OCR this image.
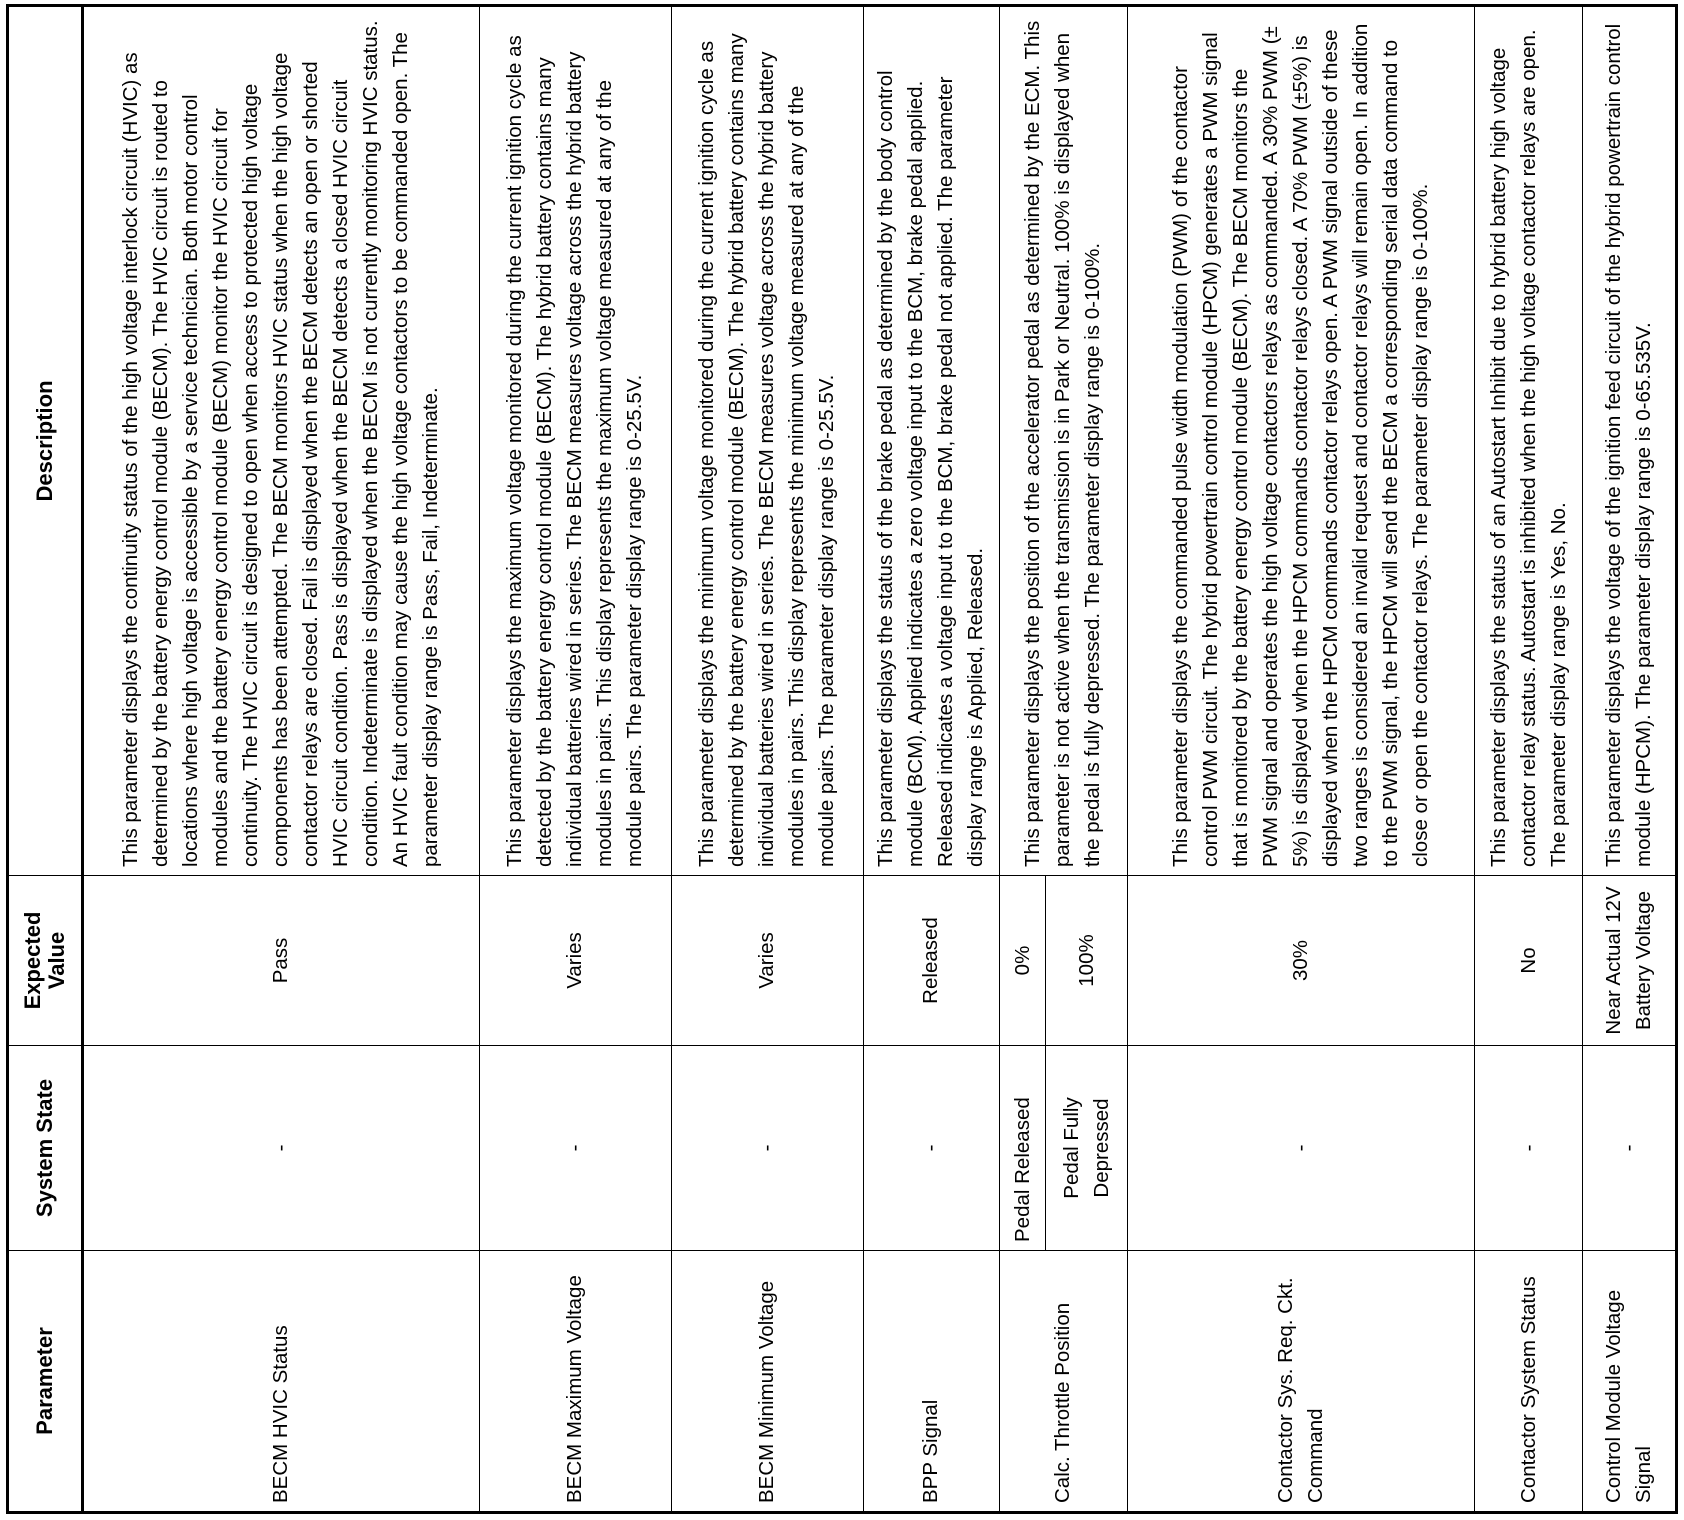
Parameter	System State	Expected Value	Description
BECM HVIC Status	-	Pass	This parameter displays the continuity status of the high voltage interlock circuit (HVIC) as determined by the battery energy control module (BECM). The HVIC circuit is routed to locations where high voltage is accessible by a service technician. Both motor control modules and the battery energy control module (BECM) monitor the HVIC circuit for continuity. The HVIC circuit is designed to open when access to protected high voltage components has been attempted. The BECM monitors HVIC status when the high voltage contactor relays are closed. Fail is displayed when the BECM detects an open or shorted HVIC circuit condition. Pass is displayed when the BECM detects a closed HVIC circuit condition. Indeterminate is displayed when the BECM is not currently monitoring HVIC status. An HVIC fault condition may cause the high voltage contactors to be commanded open. The parameter display range is Pass, Fail, Indeterminate.
BECM Maximum Voltage	-	Varies	This parameter displays the maximum voltage monitored during the current ignition cycle as detected by the battery energy control module (BECM). The hybrid battery contains many individual batteries wired in series. The BECM measures voltage across the hybrid battery modules in pairs. This display represents the maximum voltage measured at any of the module pairs. The parameter display range is 0-25.5V.
BECM Minimum Voltage	-	Varies	This parameter displays the minimum voltage monitored during the current ignition cycle as determined by the battery energy control module (BECM). The hybrid battery contains many individual batteries wired in series. The BECM measures voltage across the hybrid battery modules in pairs. This display represents the minimum voltage measured at any of the module pairs. The parameter display range is 0-25.5V.
BPP Signal	-	Released	This parameter displays the status of the brake pedal as determined by the body control module (BCM). Applied indicates a zero voltage input to the BCM, brake pedal applied. Released indicates a voltage input to the BCM, brake pedal not applied. The parameter display range is Applied, Released.
Calc. Throttle Position	Pedal Released	0%	This parameter displays the position of the accelerator pedal as determined by the ECM. This parameter is not active when the transmission is in Park or Neutral. 100% is displayed when the pedal is fully depressed. The parameter display range is 0-100%.
	Pedal Fully Depressed	100%	
Contactor Sys. Req. Ckt. Command	-	30%	This parameter displays the commanded pulse width modulation (PWM) of the contactor control PWM circuit. The hybrid powertrain control module (HPCM) generates a PWM signal that is monitored by the battery energy control module (BECM). The BECM monitors the PWM signal and operates the high voltage contactors relays as commanded. A 30% PWM (± 5%) is displayed when the HPCM commands contactor relays closed. A 70% PWM (±5%) is displayed when the HPCM commands contactor relays open. A PWM signal outside of these two ranges is considered an invalid request and contactor relays will remain open. In addition to the PWM signal, the HPCM will send the BECM a corresponding serial data command to close or open the contactor relays. The parameter display range is 0-100%.
Contactor System Status	-	No	This parameter displays the status of an Autostart Inhibit due to hybrid battery high voltage contactor relay status. Autostart is inhibited when the high voltage contactor relays are open. The parameter display range is Yes, No.
Control Module Voltage Signal	-	Near Actual 12V Battery Voltage	This parameter displays the voltage of the ignition feed circuit of the hybrid powertrain control module (HPCM). The parameter display range is 0-65.535V.
